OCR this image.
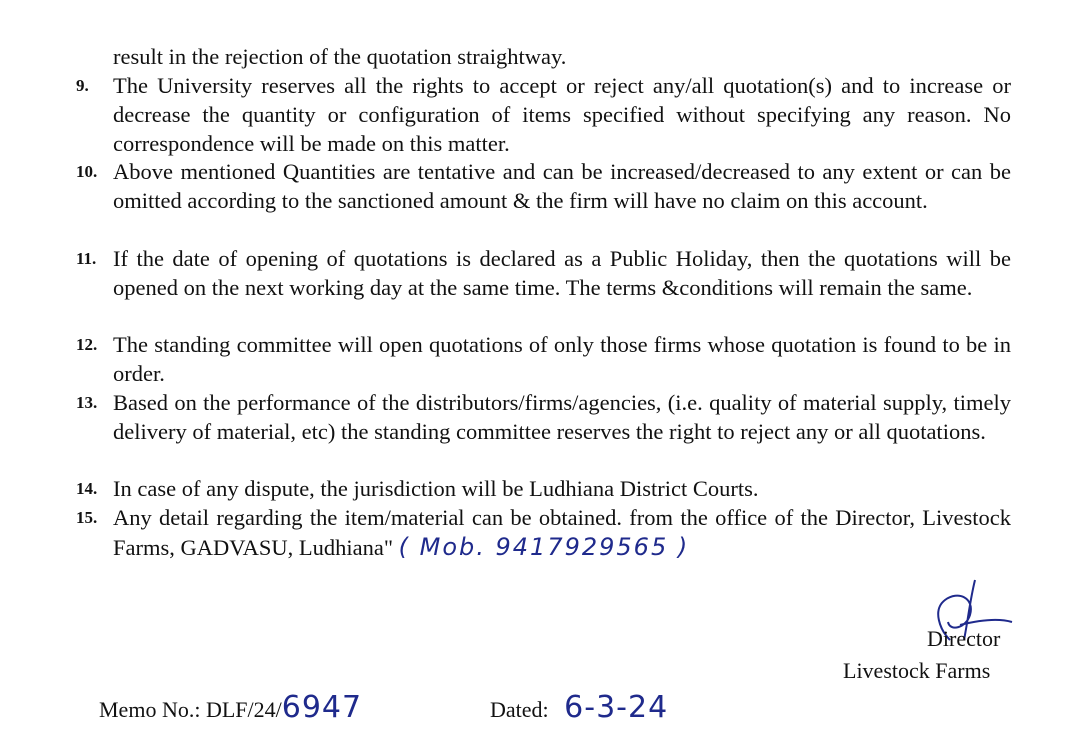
result in the rejection of the quotation straightway.
9. The University reserves all the rights to accept or reject any/all quotation(s) and to increase or decrease the quantity or configuration of items specified without specifying any reason. No correspondence will be made on this matter.
10. Above mentioned Quantities are tentative and can be increased/decreased to any extent or can be omitted according to the sanctioned amount & the firm will have no claim on this account.
11. If the date of opening of quotations is declared as a Public Holiday, then the quotations will be opened on the next working day at the same time. The terms &conditions will remain the same.
12. The standing committee will open quotations of only those firms whose quotation is found to be in order.
13. Based on the performance of the distributors/firms/agencies, (i.e. quality of material supply, timely delivery of material, etc) the standing committee reserves the right to reject any or all quotations.
14. In case of any dispute, the jurisdiction will be Ludhiana District Courts.
15. Any detail regarding the item/material can be obtained. from the office of the Director, Livestock Farms, GADVASU, Ludhiana" ( Mob. 9417929565 )
Director
Livestock Farms
Memo No.: DLF/24/6947	Dated: 6-3-24
